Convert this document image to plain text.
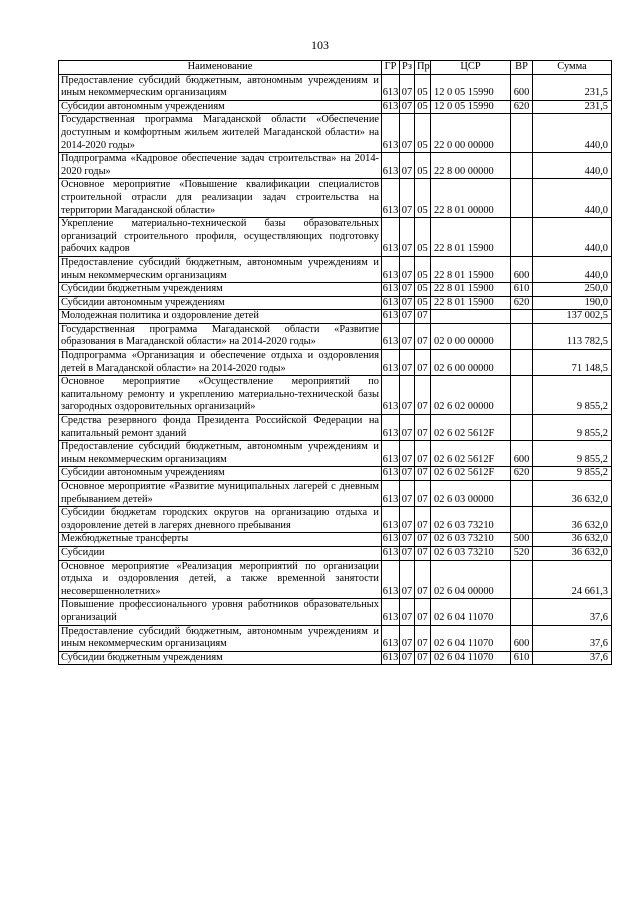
103
Наименование	ГР	Рз	Пр	ЦСР	ВР	Сумма
Предоставление субсидий бюджетным, автономным учреждениям и иным некоммерческим организациям	613	07	05	12 0 05 15990	600	231,5
Субсидии автономным учреждениям	613	07	05	12 0 05 15990	620	231,5
Государственная программа Магаданской области «Обеспечение доступным и комфортным жильем жителей Магаданской области» на 2014-2020 годы»	613	07	05	22 0 00 00000		440,0
Подпрограмма «Кадровое обеспечение задач строительства» на 2014-2020 годы»	613	07	05	22 8 00 00000		440,0
Основное мероприятие «Повышение квалификации специалистов строительной отрасли для реализации задач строительства на территории Магаданской области»	613	07	05	22 8 01 00000		440,0
Укрепление материально-технической базы образовательных организаций строительного профиля, осуществляющих подготовку рабочих кадров	613	07	05	22 8 01 15900		440,0
Предоставление субсидий бюджетным, автономным учреждениям и иным некоммерческим организациям	613	07	05	22 8 01 15900	600	440,0
Субсидии бюджетным учреждениям	613	07	05	22 8 01 15900	610	250,0
Субсидии автономным учреждениям	613	07	05	22 8 01 15900	620	190,0
Молодежная политика и оздоровление детей	613	07	07			137 002,5
Государственная программа Магаданской области «Развитие образования в Магаданской области» на 2014-2020 годы»	613	07	07	02 0 00 00000		113 782,5
Подпрограмма «Организация и обеспечение отдыха и оздоровления детей в Магаданской области» на 2014-2020 годы»	613	07	07	02 6 00 00000		71 148,5
Основное мероприятие «Осуществление мероприятий по капитальному ремонту и укреплению материально-технической базы загородных оздоровительных организаций»	613	07	07	02 6 02 00000		9 855,2
Средства резервного фонда Президента Российской Федерации на капитальный ремонт зданий	613	07	07	02 6 02 5612F		9 855,2
Предоставление субсидий бюджетным, автономным учреждениям и иным некоммерческим организациям	613	07	07	02 6 02 5612F	600	9 855,2
Субсидии автономным учреждениям	613	07	07	02 6 02 5612F	620	9 855,2
Основное мероприятие «Развитие муниципальных лагерей с дневным пребыванием детей»	613	07	07	02 6 03 00000		36 632,0
Субсидии бюджетам городских округов на организацию отдыха и оздоровление детей в лагерях дневного пребывания	613	07	07	02 6 03 73210		36 632,0
Межбюджетные трансферты	613	07	07	02 6 03 73210	500	36 632,0
Субсидии	613	07	07	02 6 03 73210	520	36 632,0
Основное мероприятие «Реализация мероприятий по организации отдыха и оздоровления детей, а также временной занятости несовершеннолетних»	613	07	07	02 6 04 00000		24 661,3
Повышение профессионального уровня работников образовательных организаций	613	07	07	02 6 04 11070		37,6
Предоставление субсидий бюджетным, автономным учреждениям и иным некоммерческим организациям	613	07	07	02 6 04 11070	600	37,6
Субсидии бюджетным учреждениям	613	07	07	02 6 04 11070	610	37,6
